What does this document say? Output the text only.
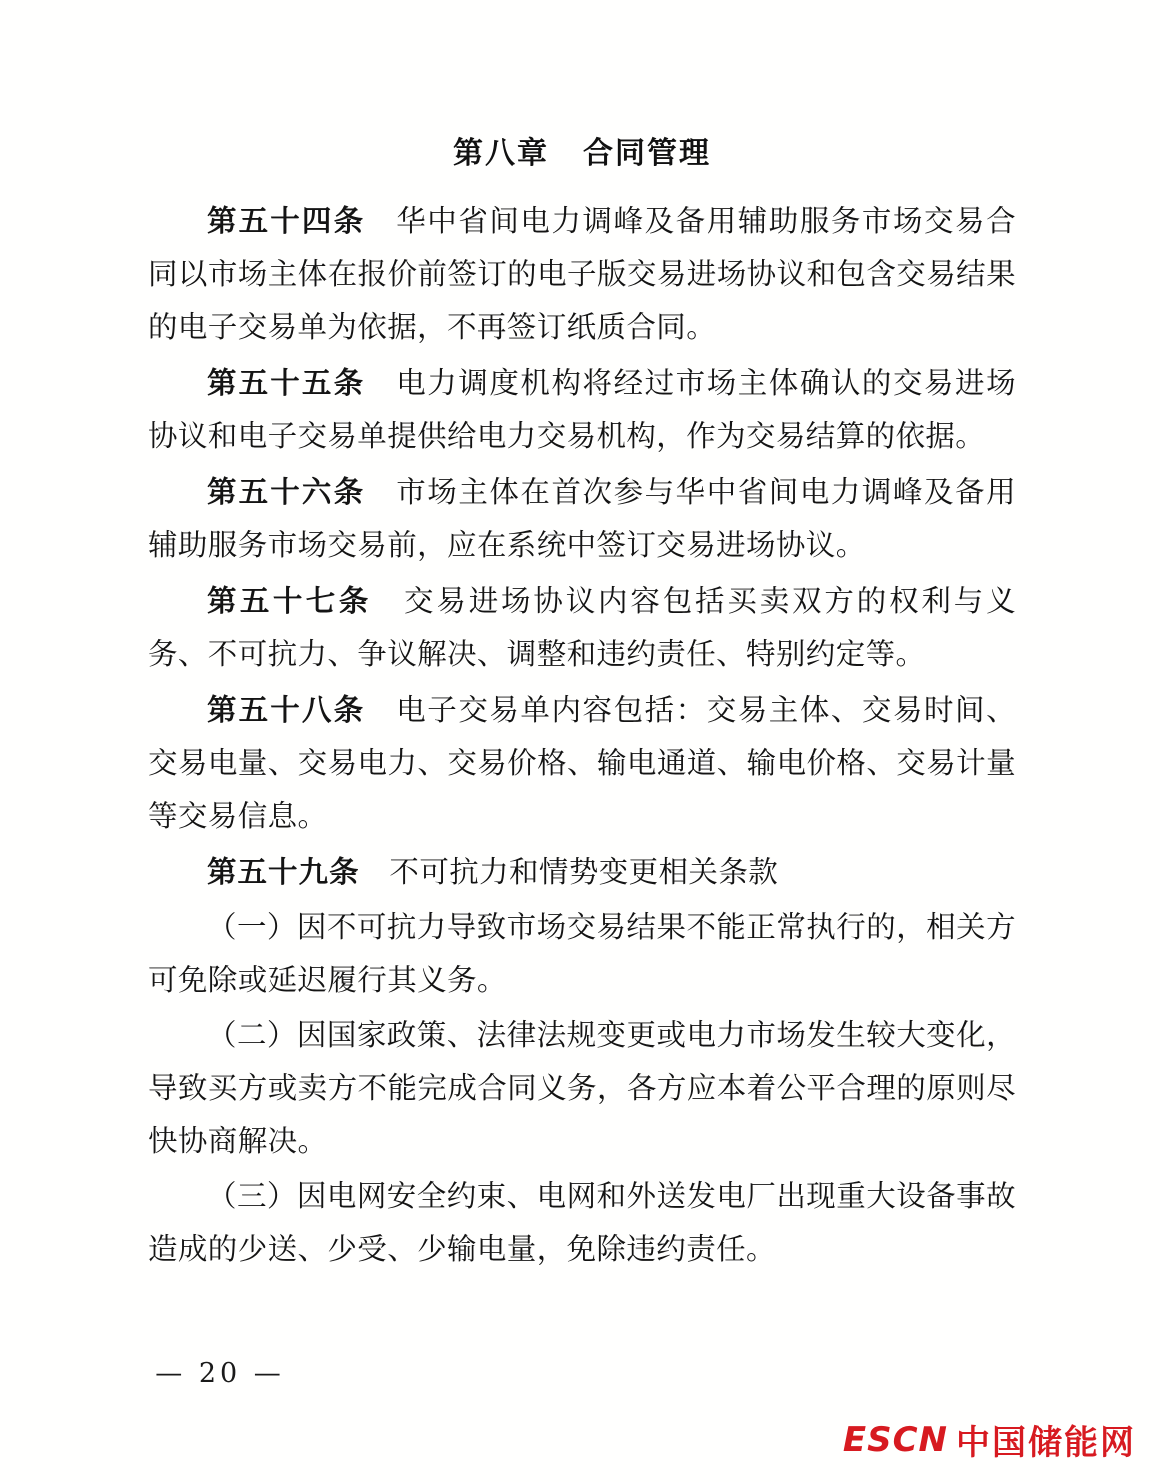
第八章 合同管理

第五十四条　华中省间电力调峰及备用辅助服务市场交易合同以市场主体在报价前签订的电子版交易进场协议和包含交易结果的电子交易单为依据，不再签订纸质合同。

第五十五条　电力调度机构将经过市场主体确认的交易进场协议和电子交易单提供给电力交易机构，作为交易结算的依据。

第五十六条　市场主体在首次参与华中省间电力调峰及备用辅助服务市场交易前，应在系统中签订交易进场协议。

第五十七条　交易进场协议内容包括买卖双方的权利与义务、不可抗力、争议解决、调整和违约责任、特别约定等。

第五十八条　电子交易单内容包括：交易主体、交易时间、交易电量、交易电力、交易价格、输电通道、输电价格、交易计量等交易信息。

第五十九条　不可抗力和情势变更相关条款

（一）因不可抗力导致市场交易结果不能正常执行的，相关方可免除或延迟履行其义务。

（二）因国家政策、法律法规变更或电力市场发生较大变化，导致买方或卖方不能完成合同义务，各方应本着公平合理的原则尽快协商解决。

（三）因电网安全约束、电网和外送发电厂出现重大设备事故造成的少送、少受、少输电量，免除违约责任。

— 20 —
ESCN 中国储能网
